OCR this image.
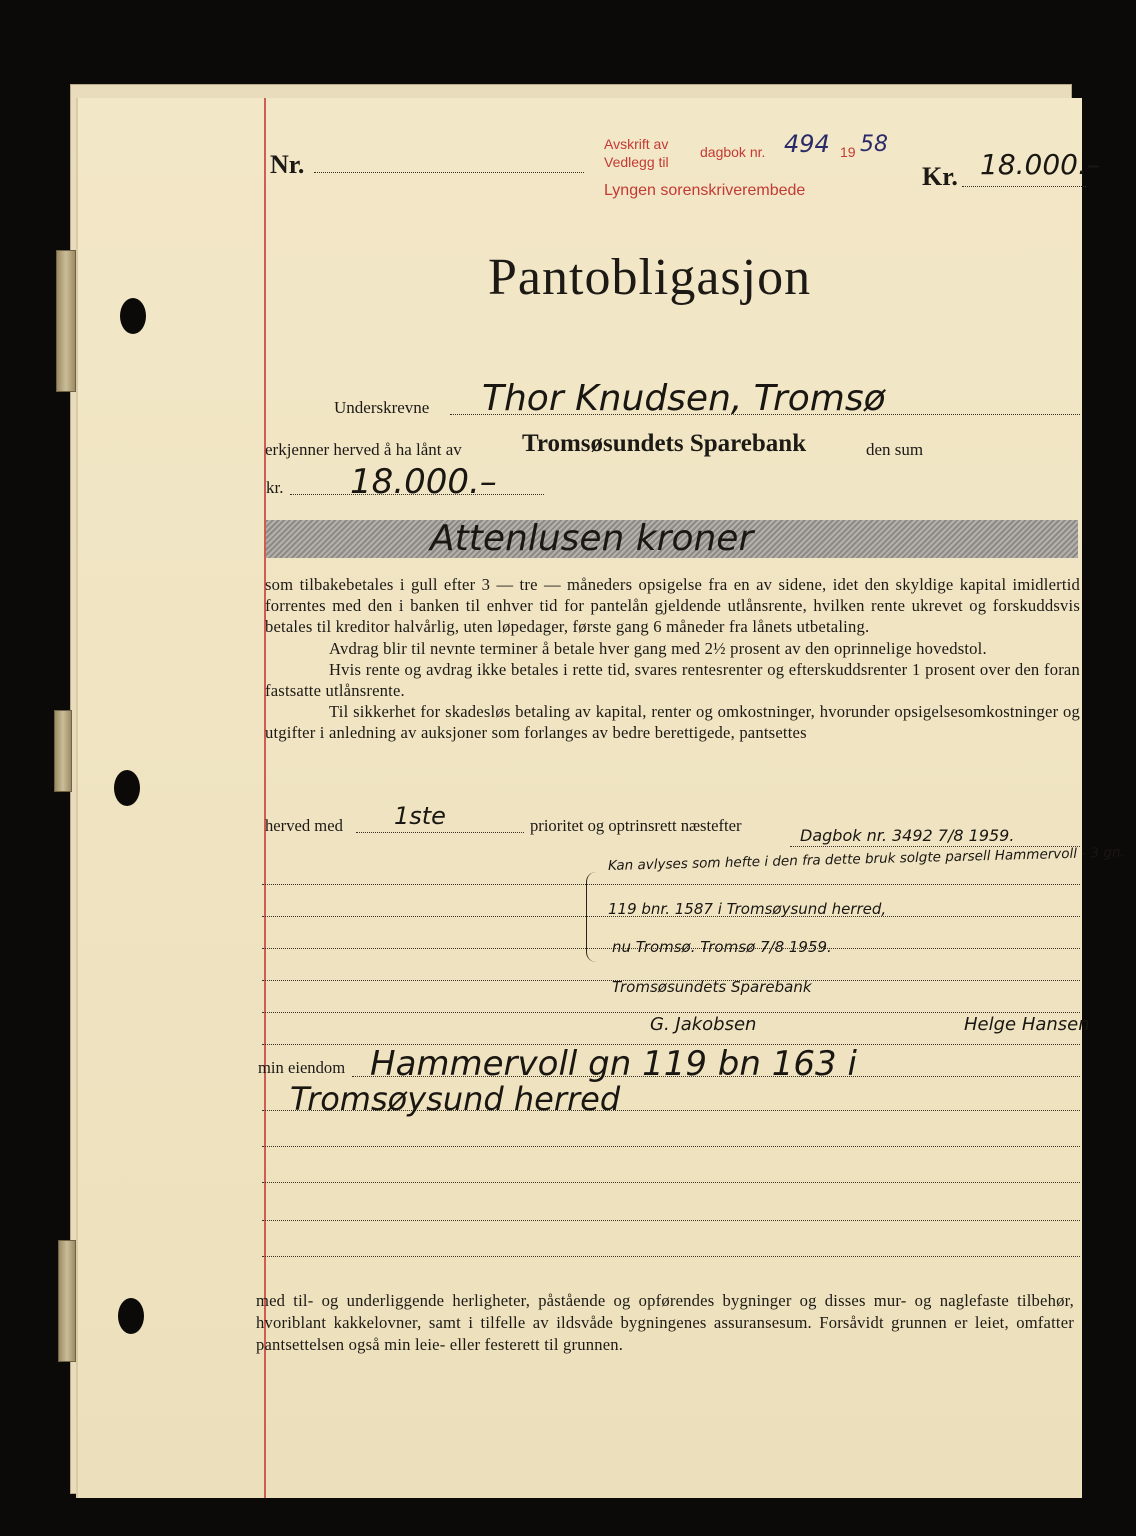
Nr.
Avskrift av
Vedlegg til
dagbok nr. 494 19 58
Lyngen sorenskriverembede	Kr. 18.000.–
Pantobligasjon
Underskrevne Thor Knudsen, Tromsø
erkjenner herved å ha lånt av Tromsøsundets Sparebank	den sum
kr. 18.000.–
Attenlusen kroner

som tilbakebetales i gull efter 3 — tre — måneders opsigelse fra en av sidene, idet den skyldige kapital imidlertid forrentes med den i banken til enhver tid for pantelån gjeldende utlånsrente, hvilken rente ukrevet og forskuddsvis betales til kreditor halvårlig, uten løpedager, første gang 6 måneder fra lånets utbetaling.

Avdrag blir til nevnte terminer å betale hver gang med 2½ prosent av den oprinnelige hovedstol.

Hvis rente og avdrag ikke betales i rette tid, svares rentesrenter og efterskuddsrenter 1 prosent over den foran fastsatte utlånsrente.

Til sikkerhet for skadesløs betaling av kapital, renter og omkostninger, hvorunder opsigelsesomkostninger og utgifter i anledning av auksjoner som forlanges av bedre berettigede, pantsettes

herved med 1ste	prioritet og optrinsrett næstefter
Dagbok nr. 3492 7/8 1959.
Kan avlyses som hefte i den fra dette bruk solgte parsell Hammervoll - 3 gn.
119 bnr. 1587 i Tromsøysund herred,
nu Tromsø. Tromsø 7/8 1959.
Tromsøsundets Sparebank
G. Jakobsen	Helge Hansen
min eiendom Hammervoll gn 119 bn 163 i
Tromsøysund herred
med til- og underliggende herligheter, påstående og opførendes bygninger og disses mur- og naglefaste tilbehør, hvoriblant kakkelovner, samt i tilfelle av ildsvåde bygningenes assuransesum. Forsåvidt grunnen er leiet, omfatter pantsettelsen også min leie- eller festerett til grunnen.
